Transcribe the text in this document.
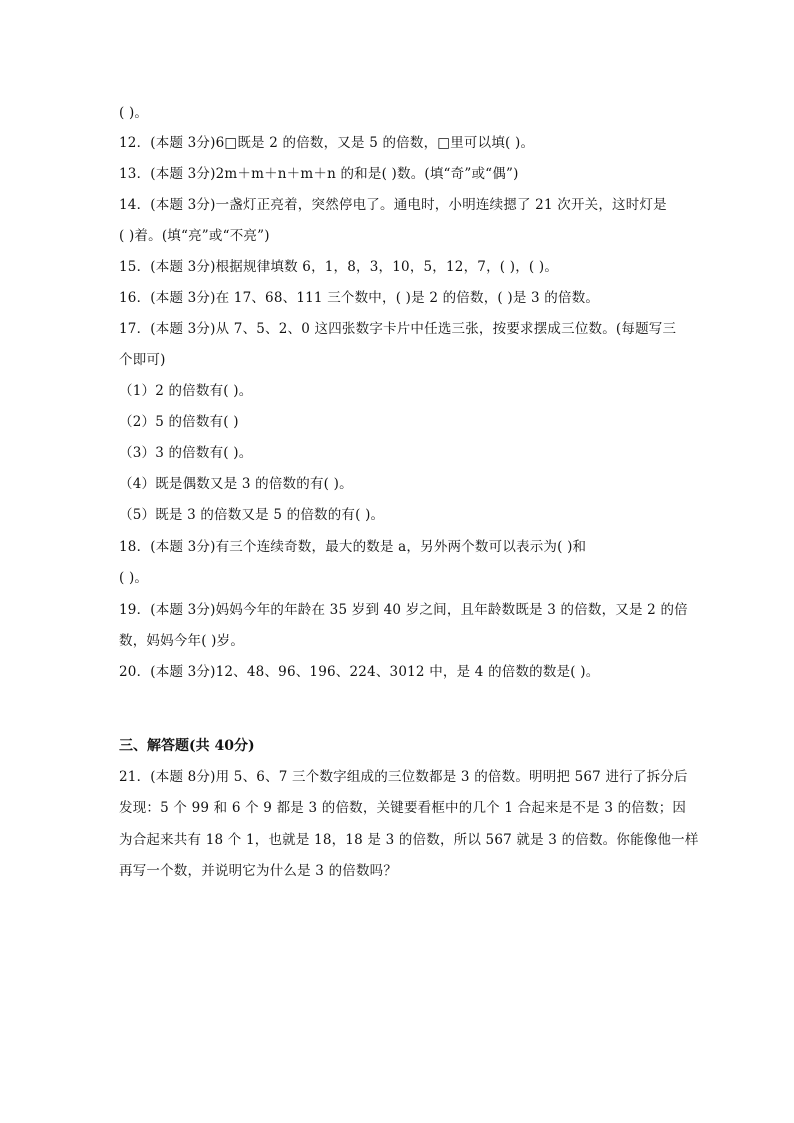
( )。
12．(本题 3分)6□既是 2 的倍数，又是 5 的倍数，□里可以填( )。
13．(本题 3分)2m＋m＋n＋m＋n 的和是( )数。(填“奇”或“偶”)
14．(本题 3分)一盏灯正亮着，突然停电了。通电时，小明连续摁了 21 次开关，这时灯是
( )着。(填“亮”或“不亮”)
15．(本题 3分)根据规律填数 6，1，8，3，10，5，12，7，( )，( )。
16．(本题 3分)在 17、68、111 三个数中，( )是 2 的倍数，( )是 3 的倍数。
17．(本题 3分)从 7、5、2、0 这四张数字卡片中任选三张，按要求摆成三位数。(每题写三
个即可)
（1）2 的倍数有( )。
（2）5 的倍数有( )
（3）3 的倍数有( )。
（4）既是偶数又是 3 的倍数的有( )。
（5）既是 3 的倍数又是 5 的倍数的有( )。
18．(本题 3分)有三个连续奇数，最大的数是 a，另外两个数可以表示为( )和
( )。
19．(本题 3分)妈妈今年的年龄在 35 岁到 40 岁之间，且年龄数既是 3 的倍数，又是 2 的倍
数，妈妈今年( )岁。
20．(本题 3分)12、48、96、196、224、3012 中，是 4 的倍数的数是( )。
三、解答题(共 40分)
21．(本题 8分)用 5、6、7 三个数字组成的三位数都是 3 的倍数。明明把 567 进行了拆分后
发现：5 个 99 和 6 个 9 都是 3 的倍数，关键要看框中的几个 1 合起来是不是 3 的倍数；因
为合起来共有 18 个 1，也就是 18，18 是 3 的倍数，所以 567 就是 3 的倍数。你能像他一样
再写一个数，并说明它为什么是 3 的倍数吗？
